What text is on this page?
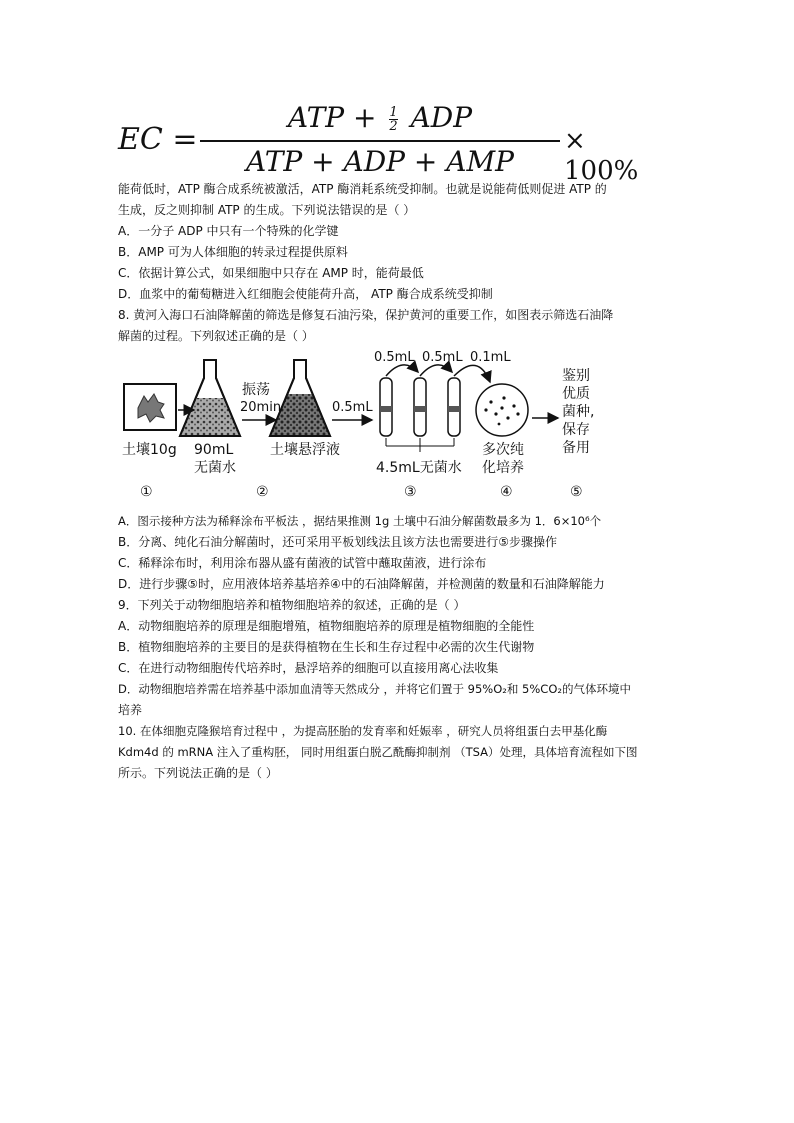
EC =
ATP + $\frac{1}{2}$ ADP
ATP + ADP + AMP
× 100%
能荷低时，ATP 酶合成系统被激活，ATP 酶消耗系统受抑制。也就是说能荷低则促进 ATP 的
生成，反之则抑制 ATP 的生成。下列说法错误的是（ ）
A．一分子 ADP 中只有一个特殊的化学键
B．AMP 可为人体细胞的转录过程提供原料
C．依据计算公式，如果细胞中只存在 AMP 时，能荷最低
D．血浆中的葡萄糖进入红细胞会使能荷升高， ATP 酶合成系统受抑制
8. 黄河入海口石油降解菌的筛选是修复石油污染，保护黄河的重要工作，如图表示筛选石油降
解菌的过程。下列叙述正确的是（ ）
土壤10g 90mL
无菌水
振荡
20min
土壤悬浮液
0.5mL
0.5mL 0.5mL 0.1mL
4.5mL无菌水
多次纯
化培养
鉴别
优质
菌种,
保存
备用
①	②	③	④	⑤
A．图示接种方法为稀释涂布平板法 ，据结果推测 1g 土壤中石油分解菌数最多为 1．6×10⁶个
B．分离、纯化石油分解菌时，还可采用平板划线法且该方法也需要进行⑤步骤操作
C．稀释涂布时，利用涂布器从盛有菌液的试管中蘸取菌液，进行涂布
D．进行步骤⑤时，应用液体培养基培养④中的石油降解菌，并检测菌的数量和石油降解能力
9．下列关于动物细胞培养和植物细胞培养的叙述，正确的是（ ）
A．动物细胞培养的原理是细胞增殖，植物细胞培养的原理是植物细胞的全能性
B．植物细胞培养的主要目的是获得植物在生长和生存过程中必需的次生代谢物
C．在进行动物细胞传代培养时，悬浮培养的细胞可以直接用离心法收集
D．动物细胞培养需在培养基中添加血清等天然成分 ，并将它们置于 95%O₂和 5%CO₂的气体环境中
培养
10. 在体细胞克隆猴培育过程中 ，为提高胚胎的发育率和妊娠率 ，研究人员将组蛋白去甲基化酶
Kdm4d 的 mRNA 注入了重构胚， 同时用组蛋白脱乙酰酶抑制剂 （TSA）处理，具体培育流程如下图
所示。下列说法正确的是（ ）
